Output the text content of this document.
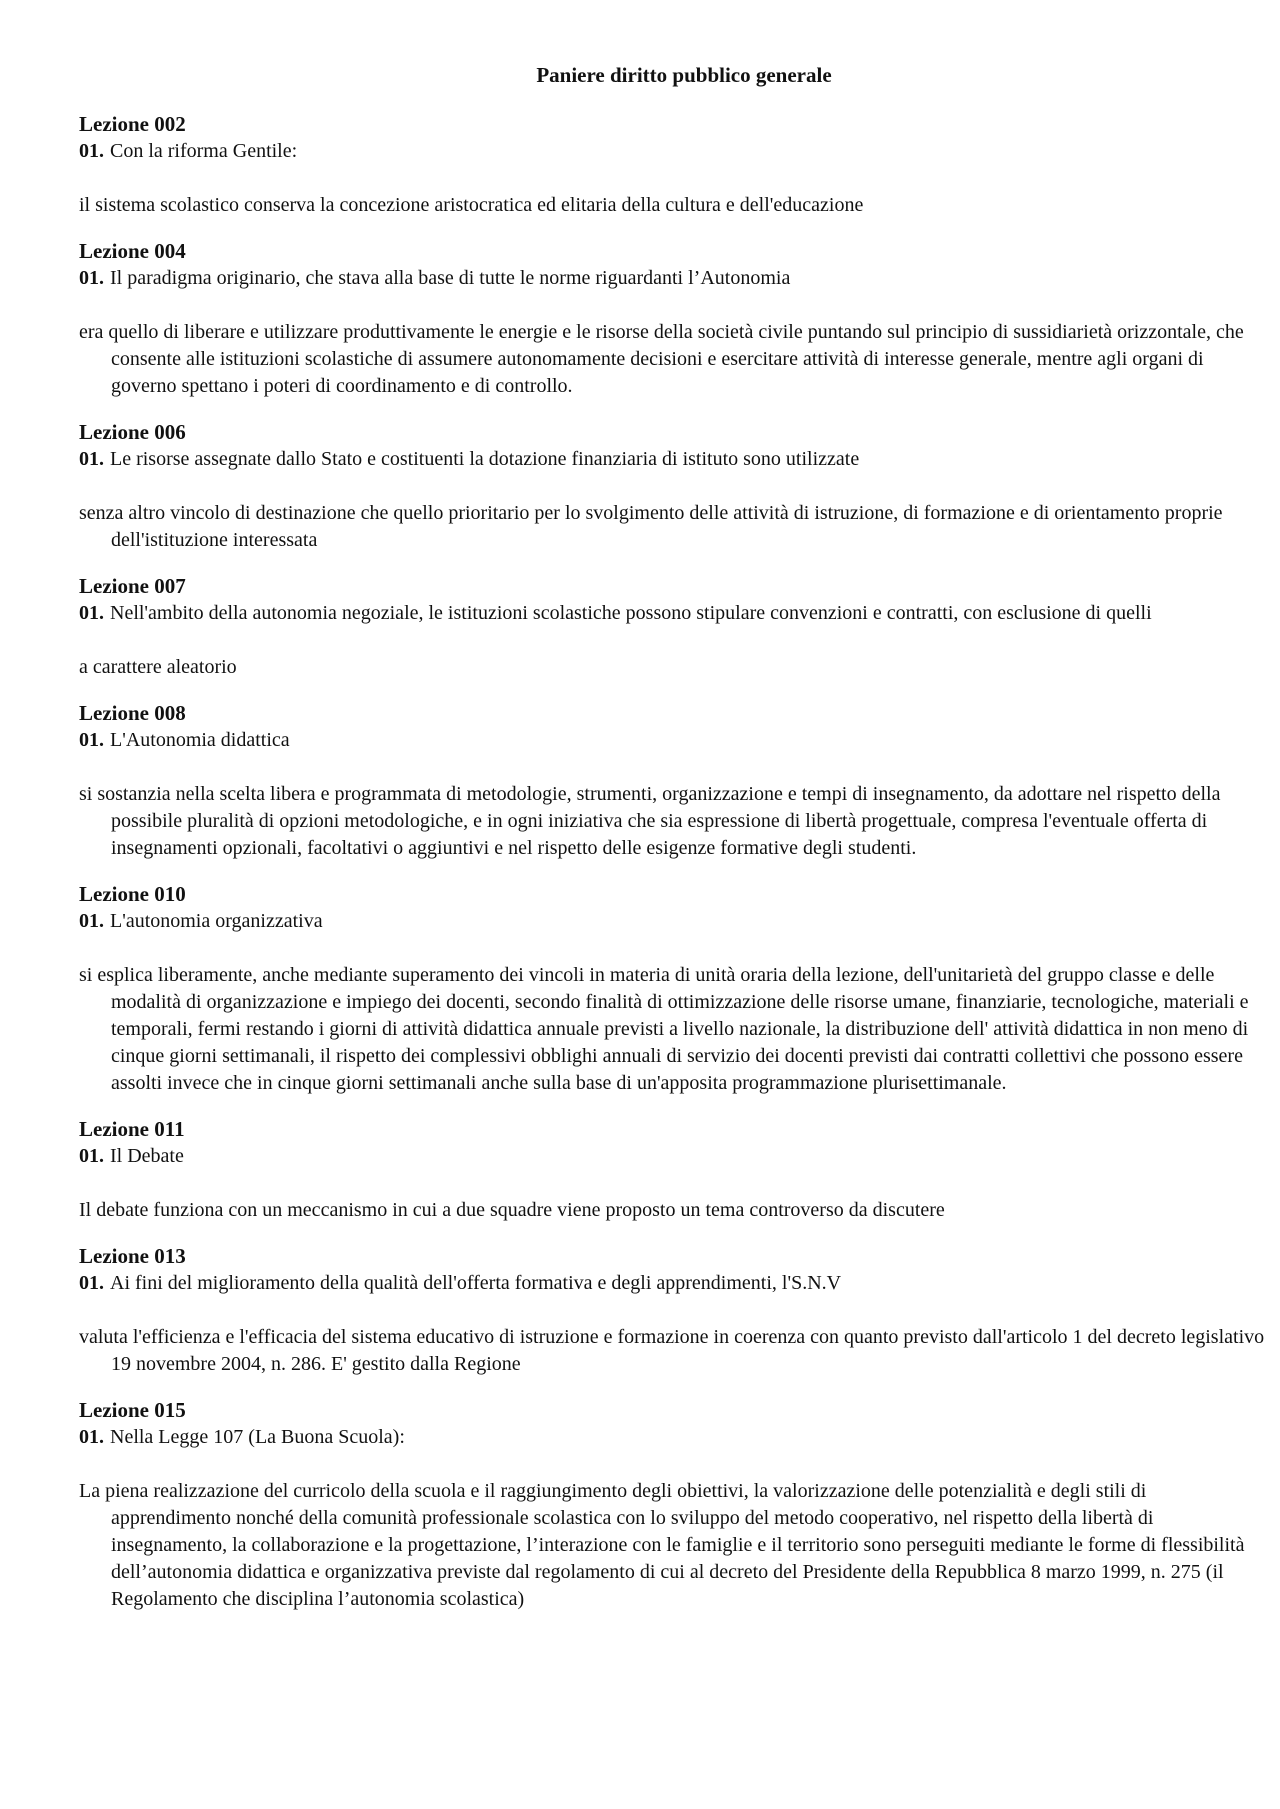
Paniere diritto pubblico generale
Lezione 002
01. Con la riforma Gentile:
il sistema scolastico conserva la concezione aristocratica ed elitaria della cultura e dell'educazione
Lezione 004
01. Il paradigma originario, che stava alla base di tutte le norme riguardanti l’Autonomia
era quello di liberare e utilizzare produttivamente le energie e le risorse della società civile puntando sul principio di sussidiarietà orizzontale, che consente alle istituzioni scolastiche di assumere autonomamente decisioni e esercitare attività di interesse generale, mentre agli organi di governo spettano i poteri di coordinamento e di controllo.
Lezione 006
01. Le risorse assegnate dallo Stato e costituenti la dotazione finanziaria di istituto sono utilizzate
senza altro vincolo di destinazione che quello prioritario per lo svolgimento delle attività di istruzione, di formazione e di orientamento proprie dell'istituzione interessata
Lezione 007
01. Nell'ambito della autonomia negoziale, le istituzioni scolastiche possono stipulare convenzioni e contratti, con esclusione di quelli
a carattere aleatorio
Lezione 008
01. L'Autonomia didattica
si sostanzia nella scelta libera e programmata di metodologie, strumenti, organizzazione e tempi di insegnamento, da adottare nel rispetto della possibile pluralità di opzioni metodologiche, e in ogni iniziativa che sia espressione di libertà progettuale, compresa l'eventuale offerta di insegnamenti opzionali, facoltativi o aggiuntivi e nel rispetto delle esigenze formative degli studenti.
Lezione 010
01. L'autonomia organizzativa
si esplica liberamente, anche mediante superamento dei vincoli in materia di unità oraria della lezione, dell'unitarietà del gruppo classe e delle modalità di organizzazione e impiego dei docenti, secondo finalità di ottimizzazione delle risorse umane, finanziarie, tecnologiche, materiali e temporali, fermi restando i giorni di attività didattica annuale previsti a livello nazionale, la distribuzione dell' attività didattica in non meno di cinque giorni settimanali, il rispetto dei complessivi obblighi annuali di servizio dei docenti previsti dai contratti collettivi che possono essere assolti invece che in cinque giorni settimanali anche sulla base di un'apposita programmazione plurisettimanale.
Lezione 011
01. Il Debate
Il debate funziona con un meccanismo in cui a due squadre viene proposto un tema controverso da discutere
Lezione 013
01. Ai fini del miglioramento della qualità dell'offerta formativa e degli apprendimenti, l'S.N.V
valuta l'efficienza e l'efficacia del sistema educativo di istruzione e formazione in coerenza con quanto previsto dall'articolo 1 del decreto legislativo 19 novembre 2004, n. 286. E' gestito dalla Regione
Lezione 015
01. Nella Legge 107 (La Buona Scuola):
La piena realizzazione del curricolo della scuola e il raggiungimento degli obiettivi, la valorizzazione delle potenzialità e degli stili di apprendimento nonché della comunità professionale scolastica con lo sviluppo del metodo cooperativo, nel rispetto della libertà di insegnamento, la collaborazione e la progettazione, l’interazione con le famiglie e il territorio sono perseguiti mediante le forme di flessibilità dell’autonomia didattica e organizzativa previste dal regolamento di cui al decreto del Presidente della Repubblica 8 marzo 1999, n. 275 (il Regolamento che disciplina l’autonomia scolastica)
